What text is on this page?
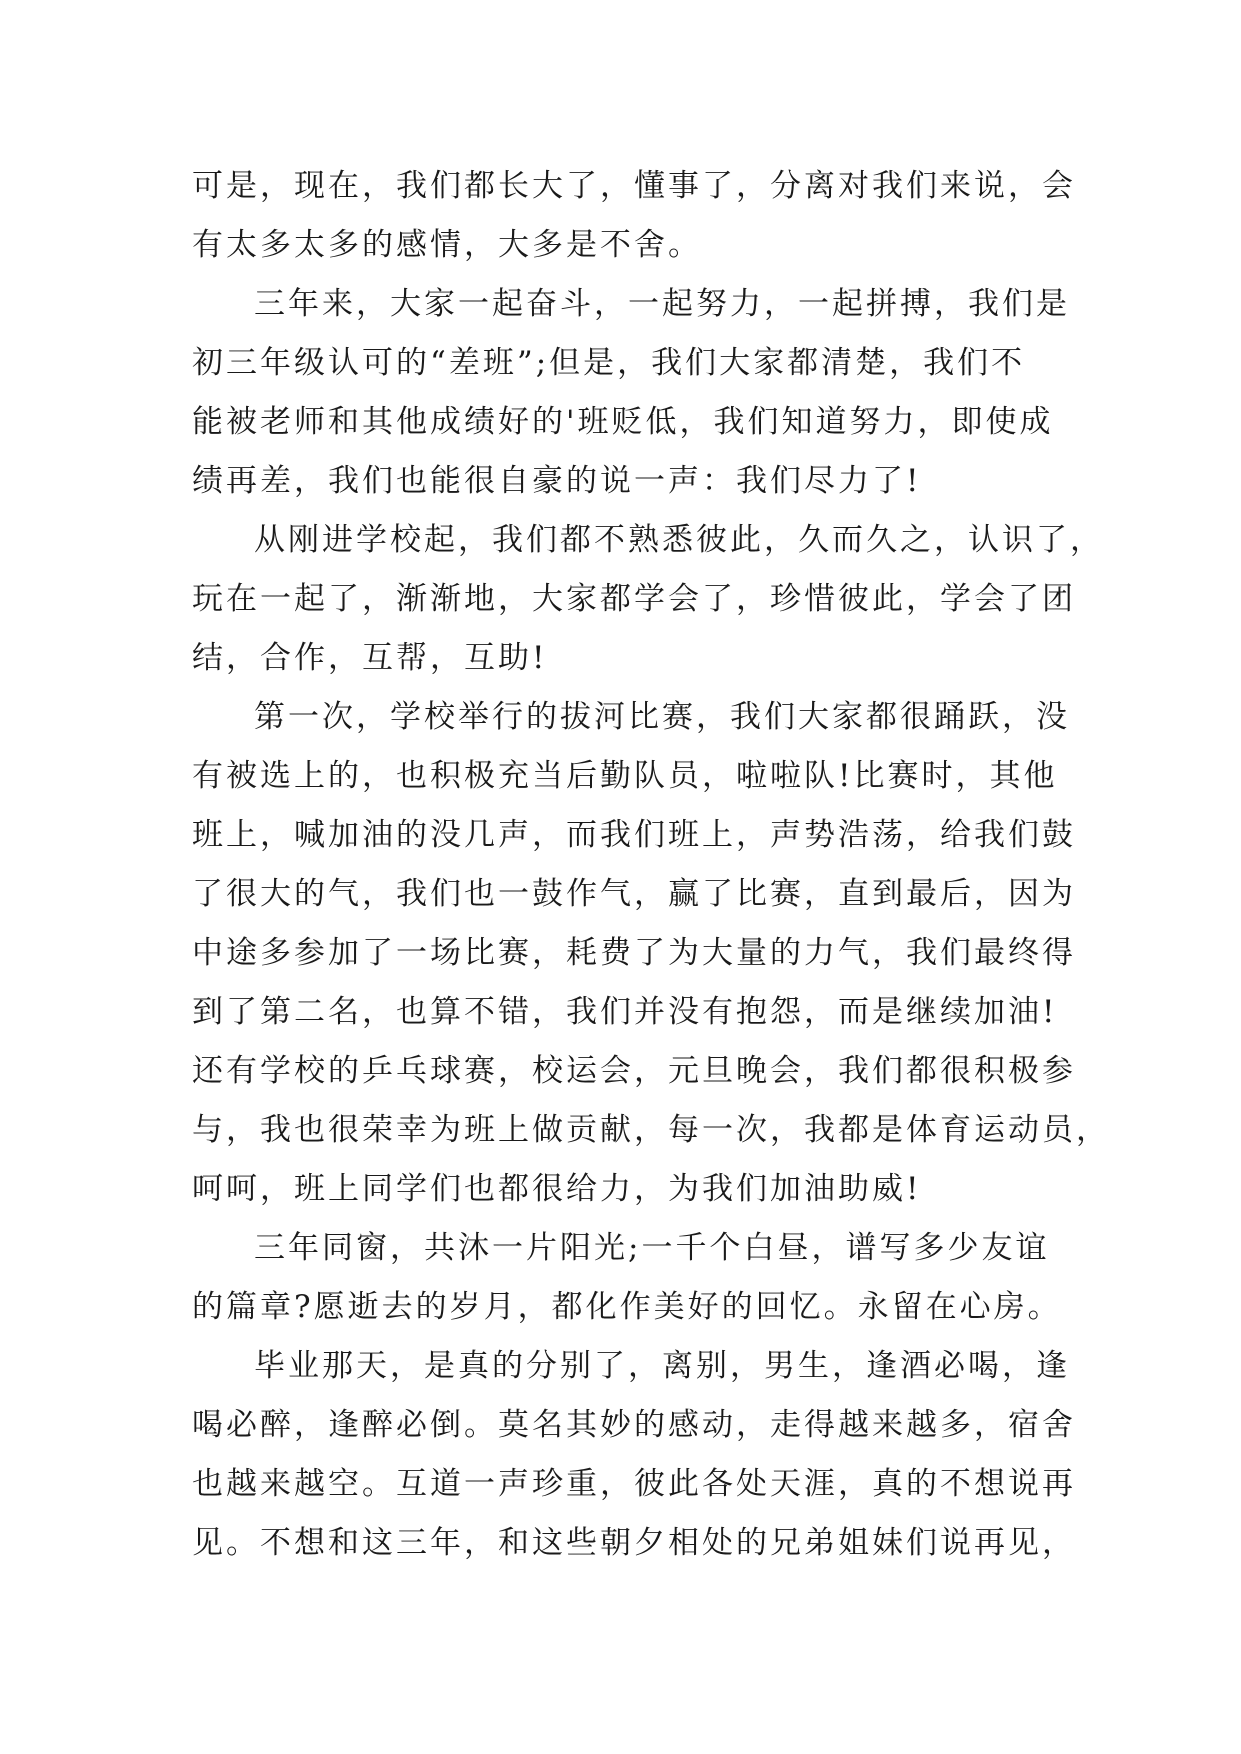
可是，现在，我们都长大了，懂事了，分离对我们来说，会
有太多太多的感情，大多是不舍。

三年来，大家一起奋斗，一起努力，一起拼搏，我们是
初三年级认可的“差班”;但是，我们大家都清楚，我们不
能被老师和其他成绩好的'班贬低，我们知道努力，即使成
绩再差，我们也能很自豪的说一声：我们尽力了!

从刚进学校起，我们都不熟悉彼此，久而久之，认识了，
玩在一起了，渐渐地，大家都学会了，珍惜彼此，学会了团
结，合作，互帮，互助!

第一次，学校举行的拔河比赛，我们大家都很踊跃，没
有被选上的，也积极充当后勤队员，啦啦队!比赛时，其他
班上，喊加油的没几声，而我们班上，声势浩荡，给我们鼓
了很大的气，我们也一鼓作气，赢了比赛，直到最后，因为
中途多参加了一场比赛，耗费了为大量的力气，我们最终得
到了第二名，也算不错，我们并没有抱怨，而是继续加油!
还有学校的乒乓球赛，校运会，元旦晚会，我们都很积极参
与，我也很荣幸为班上做贡献，每一次，我都是体育运动员，
呵呵，班上同学们也都很给力，为我们加油助威!

三年同窗，共沐一片阳光;一千个白昼，谱写多少友谊
的篇章?愿逝去的岁月，都化作美好的回忆。永留在心房。

毕业那天，是真的分别了，离别，男生，逢酒必喝，逢
喝必醉，逢醉必倒。莫名其妙的感动，走得越来越多，宿舍
也越来越空。互道一声珍重，彼此各处天涯，真的不想说再
见。不想和这三年，和这些朝夕相处的兄弟姐妹们说再见，
